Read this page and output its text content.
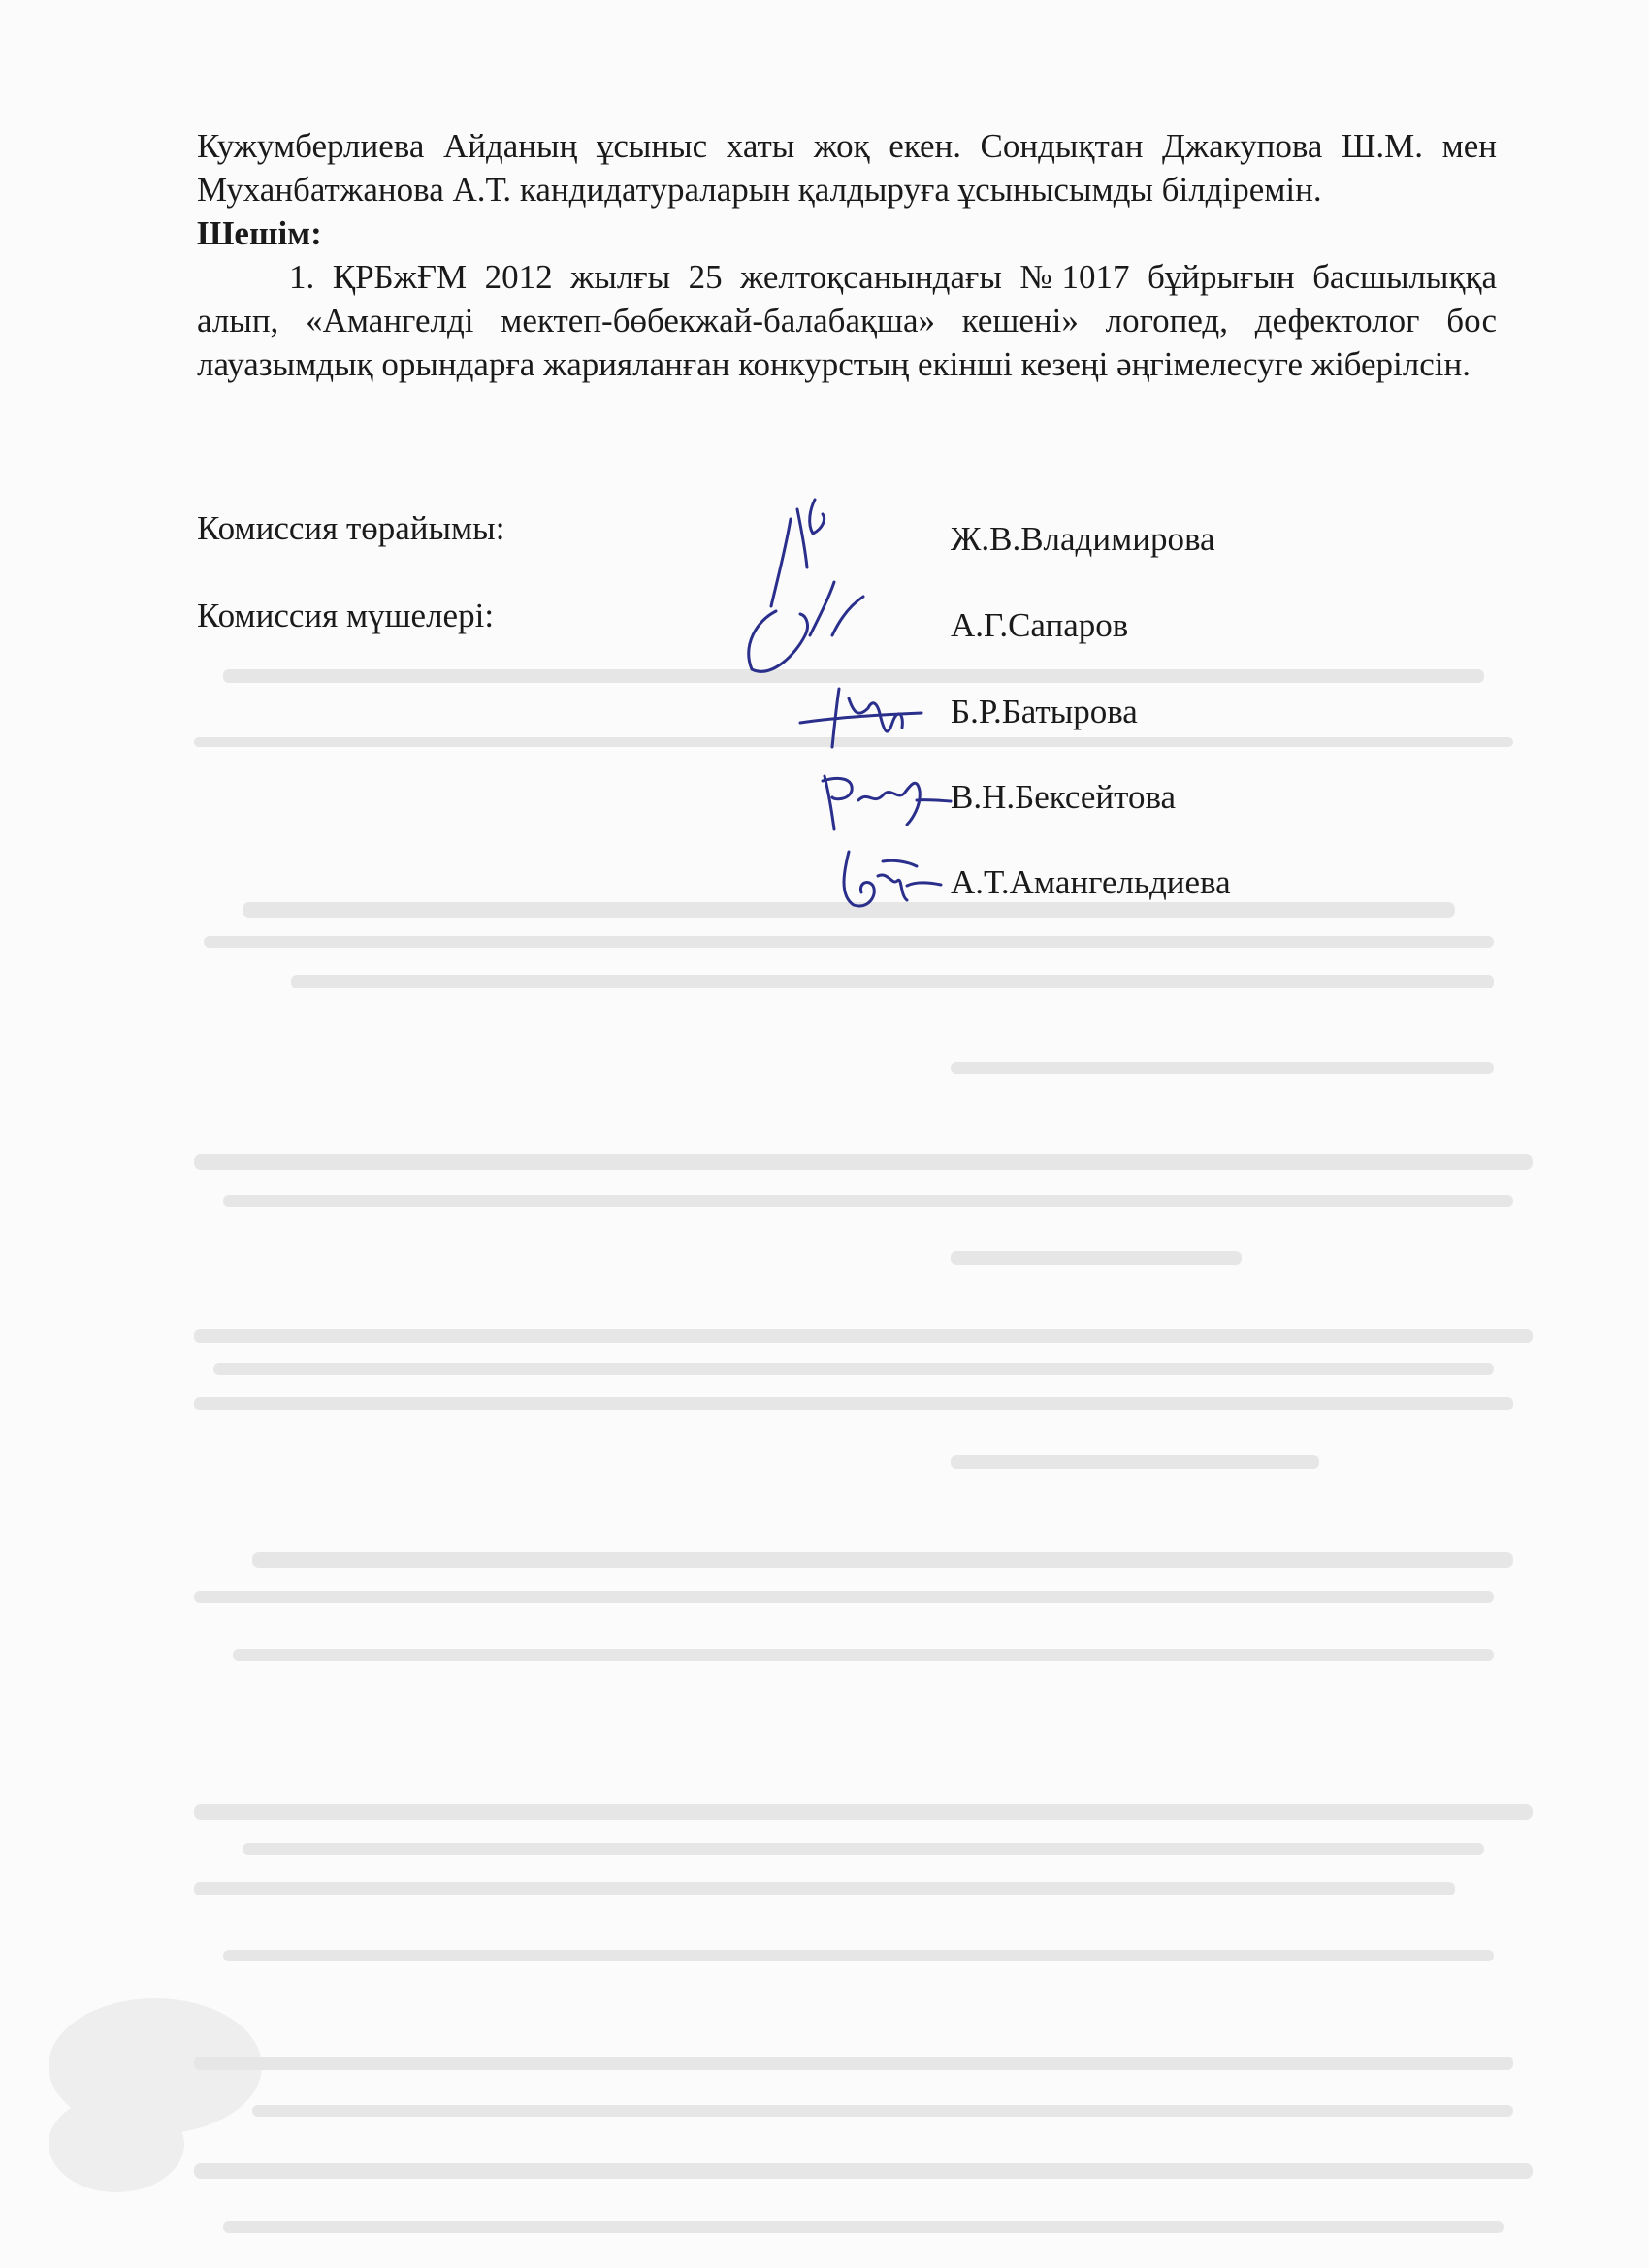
Кужумберлиева Айданың ұсыныс хаты жоқ екен. Сондықтан Джакупова Ш.М. мен Муханбатжанова А.Т. кандидатураларын қалдыруға ұсынысымды білдіремін.

Шешім:

1. ҚРБжҒМ 2012 жылғы 25 желтоқсанындағы №1017 бұйрығын басшылыққа алып, «Амангелді мектеп-бөбекжай-балабақша» кешені» логопед, дефектолог бос лауазымдық орындарға жарияланған конкурстың екінші кезеңі әңгімелесуге жіберілсін.

Комиссия төрайымы:
Комиссия мүшелері:
Ж.В.Владимирова
А.Г.Сапаров
Б.Р.Батырова
В.Н.Бексейтова
А.Т.Амангельдиева
